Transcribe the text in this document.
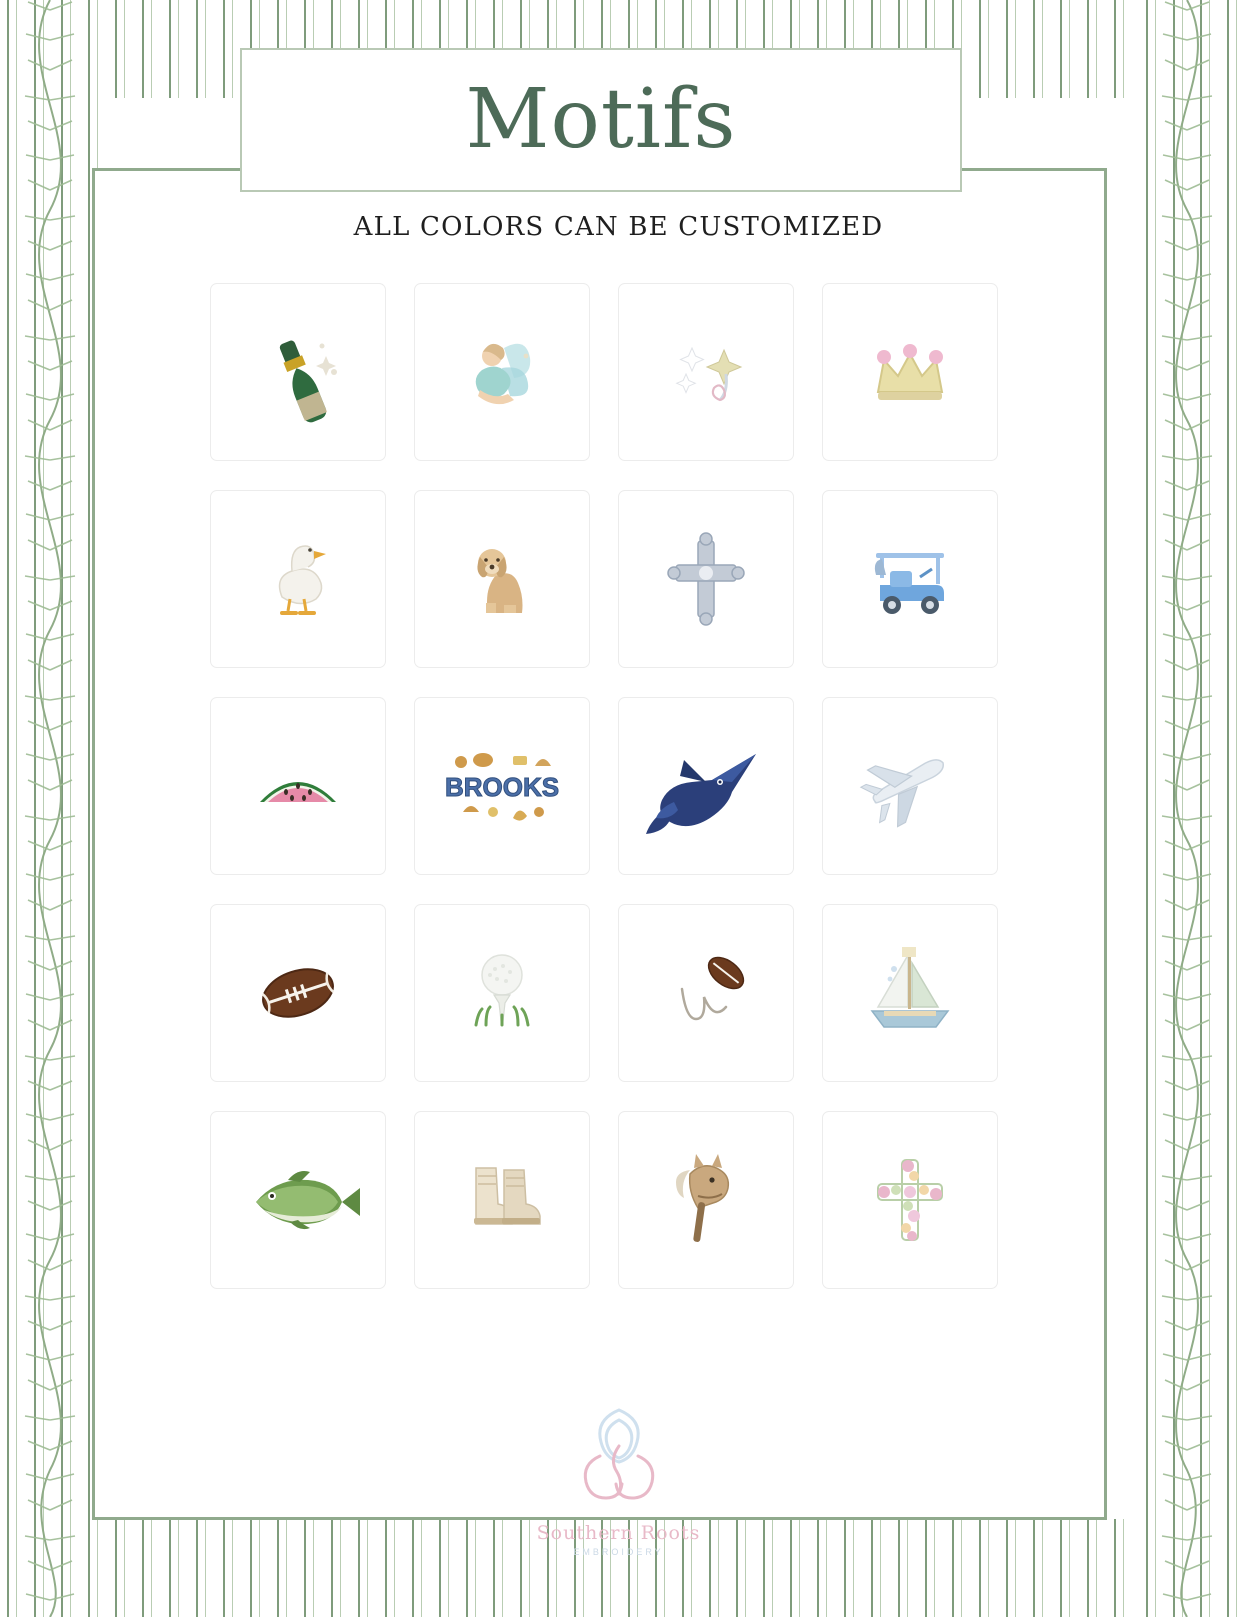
Motifs
ALL COLORS CAN BE CUSTOMIZED
BROOKS
Southern Roots
EMBROIDERY
